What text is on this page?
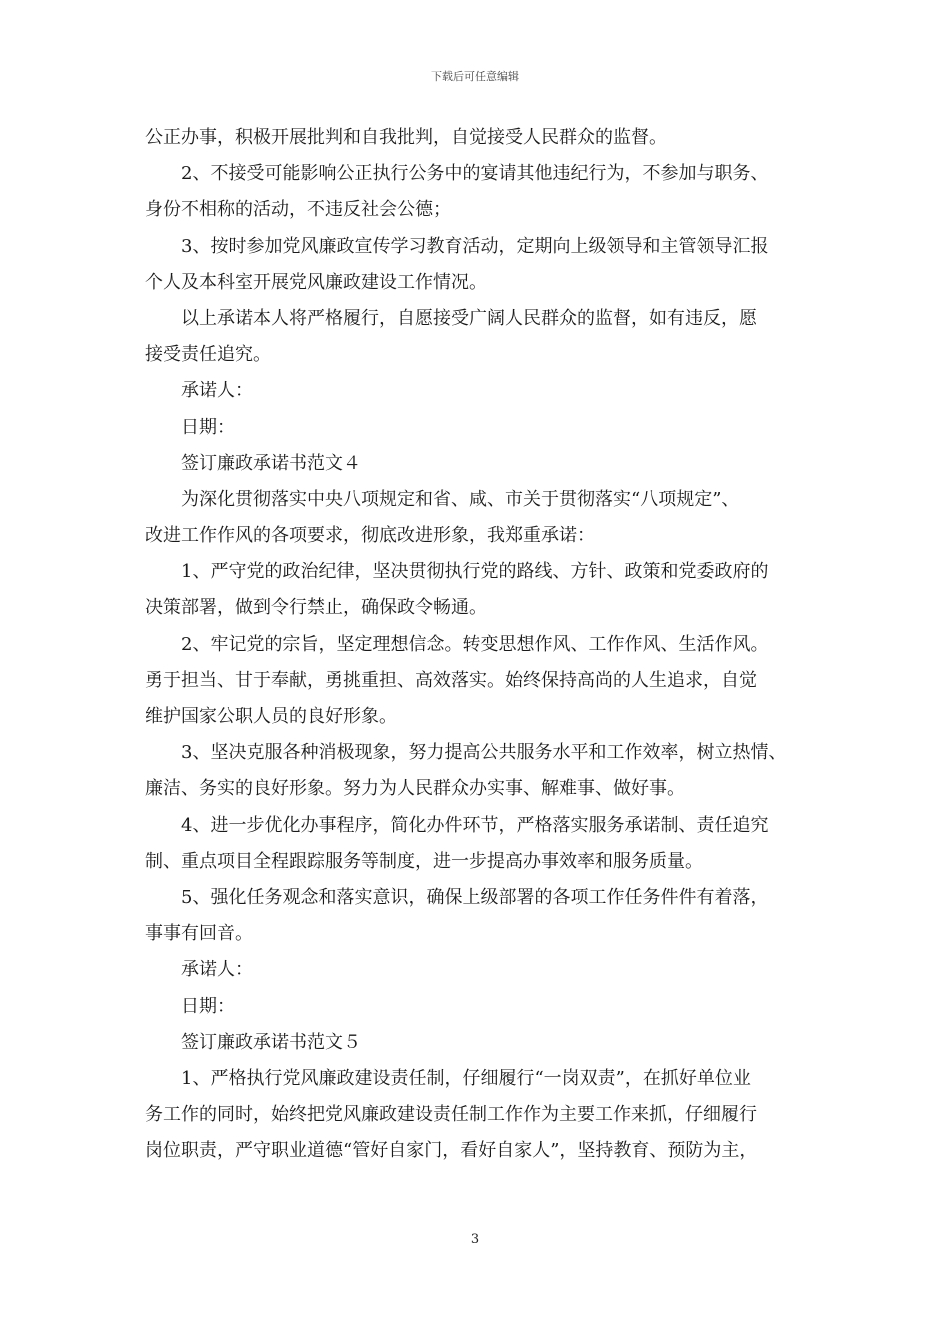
下载后可任意编辑
公正办事，积极开展批判和自我批判，自觉接受人民群众的监督。
2、不接受可能影响公正执行公务中的宴请其他违纪行为，不参加与职务、
身份不相称的活动，不违反社会公德；
3、按时参加党风廉政宣传学习教育活动，定期向上级领导和主管领导汇报
个人及本科室开展党风廉政建设工作情况。
以上承诺本人将严格履行，自愿接受广阔人民群众的监督，如有违反，愿
接受责任追究。
承诺人：
日期：
签订廉政承诺书范文４
为深化贯彻落实中央八项规定和省、咸、市关于贯彻落实“八项规定”、
改进工作作风的各项要求，彻底改进形象，我郑重承诺：
1、严守党的政治纪律，坚决贯彻执行党的路线、方针、政策和党委政府的
决策部署，做到令行禁止，确保政令畅通。
2、牢记党的宗旨，坚定理想信念。转变思想作风、工作作风、生活作风。
勇于担当、甘于奉献，勇挑重担、高效落实。始终保持高尚的人生追求，自觉
维护国家公职人员的良好形象。
3、坚决克服各种消极现象，努力提高公共服务水平和工作效率，树立热情、
廉洁、务实的良好形象。努力为人民群众办实事、解难事、做好事。
4、进一步优化办事程序，简化办件环节，严格落实服务承诺制、责任追究
制、重点项目全程跟踪服务等制度，进一步提高办事效率和服务质量。
5、强化任务观念和落实意识，确保上级部署的各项工作任务件件有着落，
事事有回音。
承诺人：
日期：
签订廉政承诺书范文５
1、严格执行党风廉政建设责任制，仔细履行“一岗双责”，在抓好单位业
务工作的同时，始终把党风廉政建设责任制工作作为主要工作来抓，仔细履行
岗位职责，严守职业道德“管好自家门，看好自家人”，坚持教育、预防为主，
3
